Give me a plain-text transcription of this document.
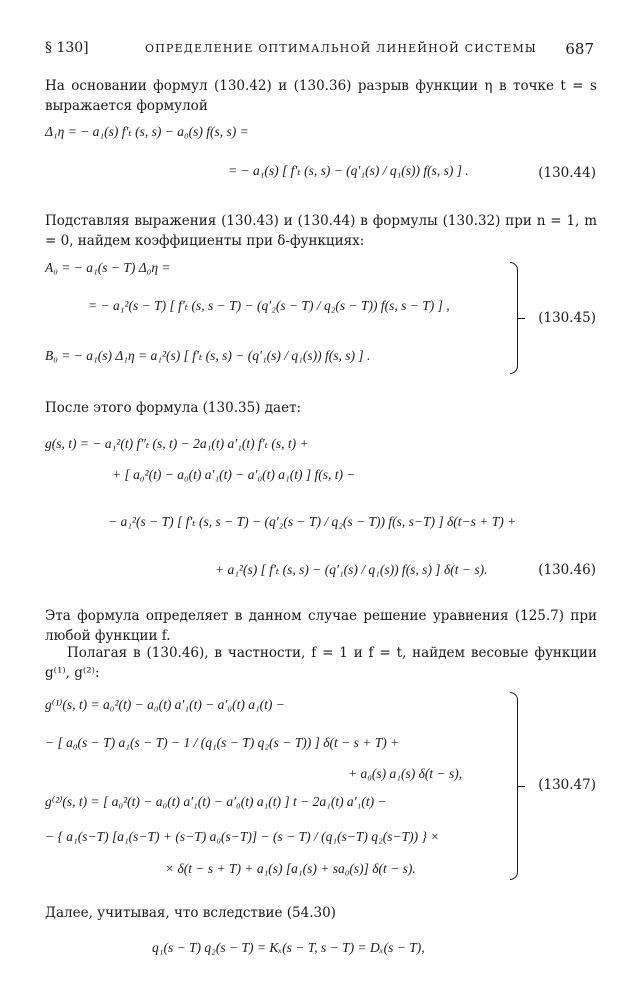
§ 130]	ОПРЕДЕЛЕНИЕ ОПТИМАЛЬНОЙ ЛИНЕЙНОЙ СИСТЕМЫ 687
На основании формул (130.42) и (130.36) разрыв функции η в точке t = s выражается формулой
Δ₁η = − a₁(s) f′ₜ (s, s) − a₀(s) f(s, s) =
= − a₁(s) [ f′ₜ (s, s) − (q′₁(s) / q₁(s)) f(s, s) ] .	(130.44)
Подставляя выражения (130.43) и (130.44) в формулы (130.32) при n = 1, m = 0, найдем коэффициенты при δ-функциях:
A₀ = − a₁(s − T) Δ₀η =
= − a₁²(s − T) [ f′ₜ (s, s − T) − (q′₂(s − T) / q₂(s − T)) f(s, s − T) ] ,
B₀ = − a₁(s) Δ₁η = a₁²(s) [ f′ₜ (s, s) − (q′₁(s) / q₁(s)) f(s, s) ] .
(130.45)
После этого формула (130.35) дает:
g(s, t) = − a₁²(t) f″ₜ (s, t) − 2a₁(t) a′₁(t) f′ₜ (s, t) +
+ [ a₀²(t) − a₀(t) a′₁(t) − a′₀(t) a₁(t) ] f(s, t) −
− a₁²(s − T) [ f′ₜ (s, s − T) − (q′₂(s − T) / q₂(s − T)) f(s, s−T) ] δ(t−s + T) +
+ a₁²(s) [ f′ₜ (s, s) − (q′₁(s) / q₁(s)) f(s, s) ] δ(t − s).	(130.46)
Эта формула определяет в данном случае решение уравнения (125.7) при любой функции f.
Полагая в (130.46), в частности, f = 1 и f = t, найдем весовые функции g⁽¹⁾, g⁽²⁾:
g⁽¹⁾(s, t) = a₀²(t) − a₀(t) a′₁(t) − a′₀(t) a₁(t) −
− [ a₀(s − T) a₁(s − T) − 1 / (q₁(s − T) q₂(s − T)) ] δ(t − s + T) +
+ a₀(s) a₁(s) δ(t − s),
g⁽²⁾(s, t) = [ a₀²(t) − a₀(t) a′₁(t) − a′₀(t) a₁(t) ] t − 2a₁(t) a′₁(t) −
− { a₁(s−T) [a₁(s−T) + (s−T) a₀(s−T)] − (s − T) / (q₁(s−T) q₂(s−T)) } ×
× δ(t − s + T) + a₁(s) [a₁(s) + sa₀(s)] δ(t − s).
(130.47)
Далее, учитывая, что вследствие (54.30)
q₁(s − T) q₂(s − T) = Kₓ(s − T, s − T) = Dₓ(s − T),
